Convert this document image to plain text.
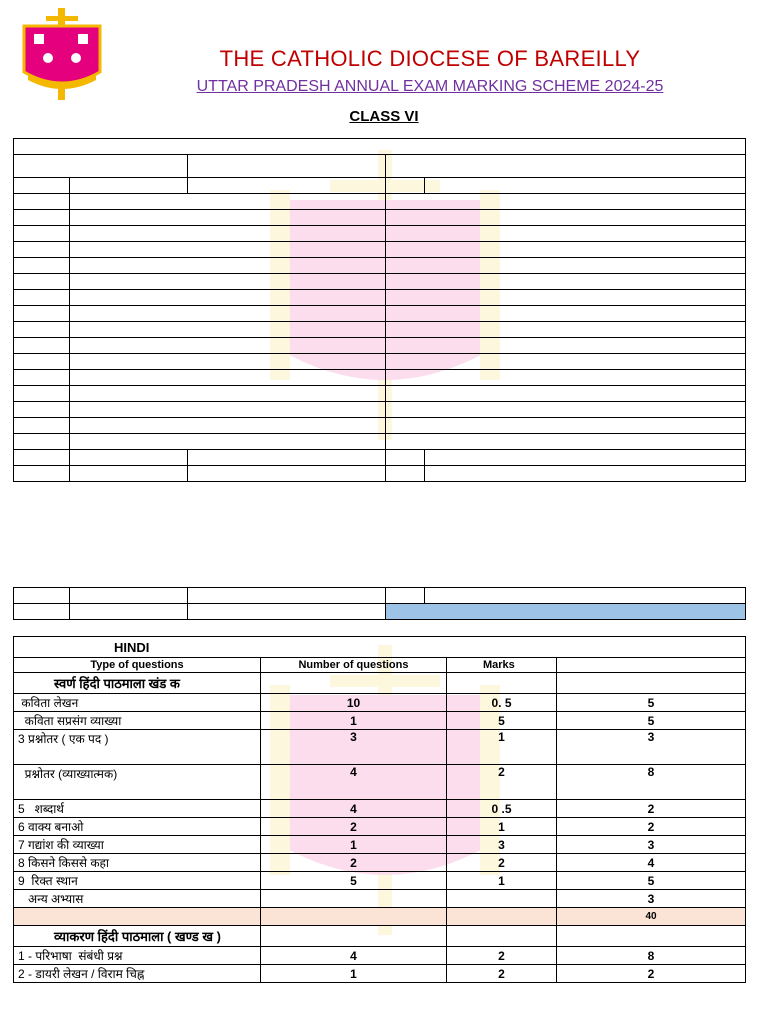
THE CATHOLIC DIOCESE OF BAREILLY
UTTAR PRADESH ANNUAL EXAM MARKING SCHEME 2024-25
CLASS VI

HINDI			
Type of questions	Number of questions	Marks	
स्वर्ण हिंदी पाठमाला खंड क			
कविता लेखन	10	0. 5	5
कविता सप्रसंग व्याख्या	1	5	5
3 प्रश्नोतर ( एक पद )	3	1	3
प्रश्नोतर (व्याख्यात्मक)	4	2	8
5   शब्दार्थ	4	0 .5	2
6 वाक्य बनाओ	2	1	2
7 गद्यांश की व्याख्या	1	3	3
8 किसने किससे कहा	2	2	4
9  रिक्त स्थान	5	1	5
अन्य अभ्यास			3
			40
व्याकरण हिंदी पाठमाला ( खण्ड ख )			
1 - परिभाषा  संबंधी प्रश्न	4	2	8
2 - डायरी लेखन / विराम चिह्न	1	2	2
